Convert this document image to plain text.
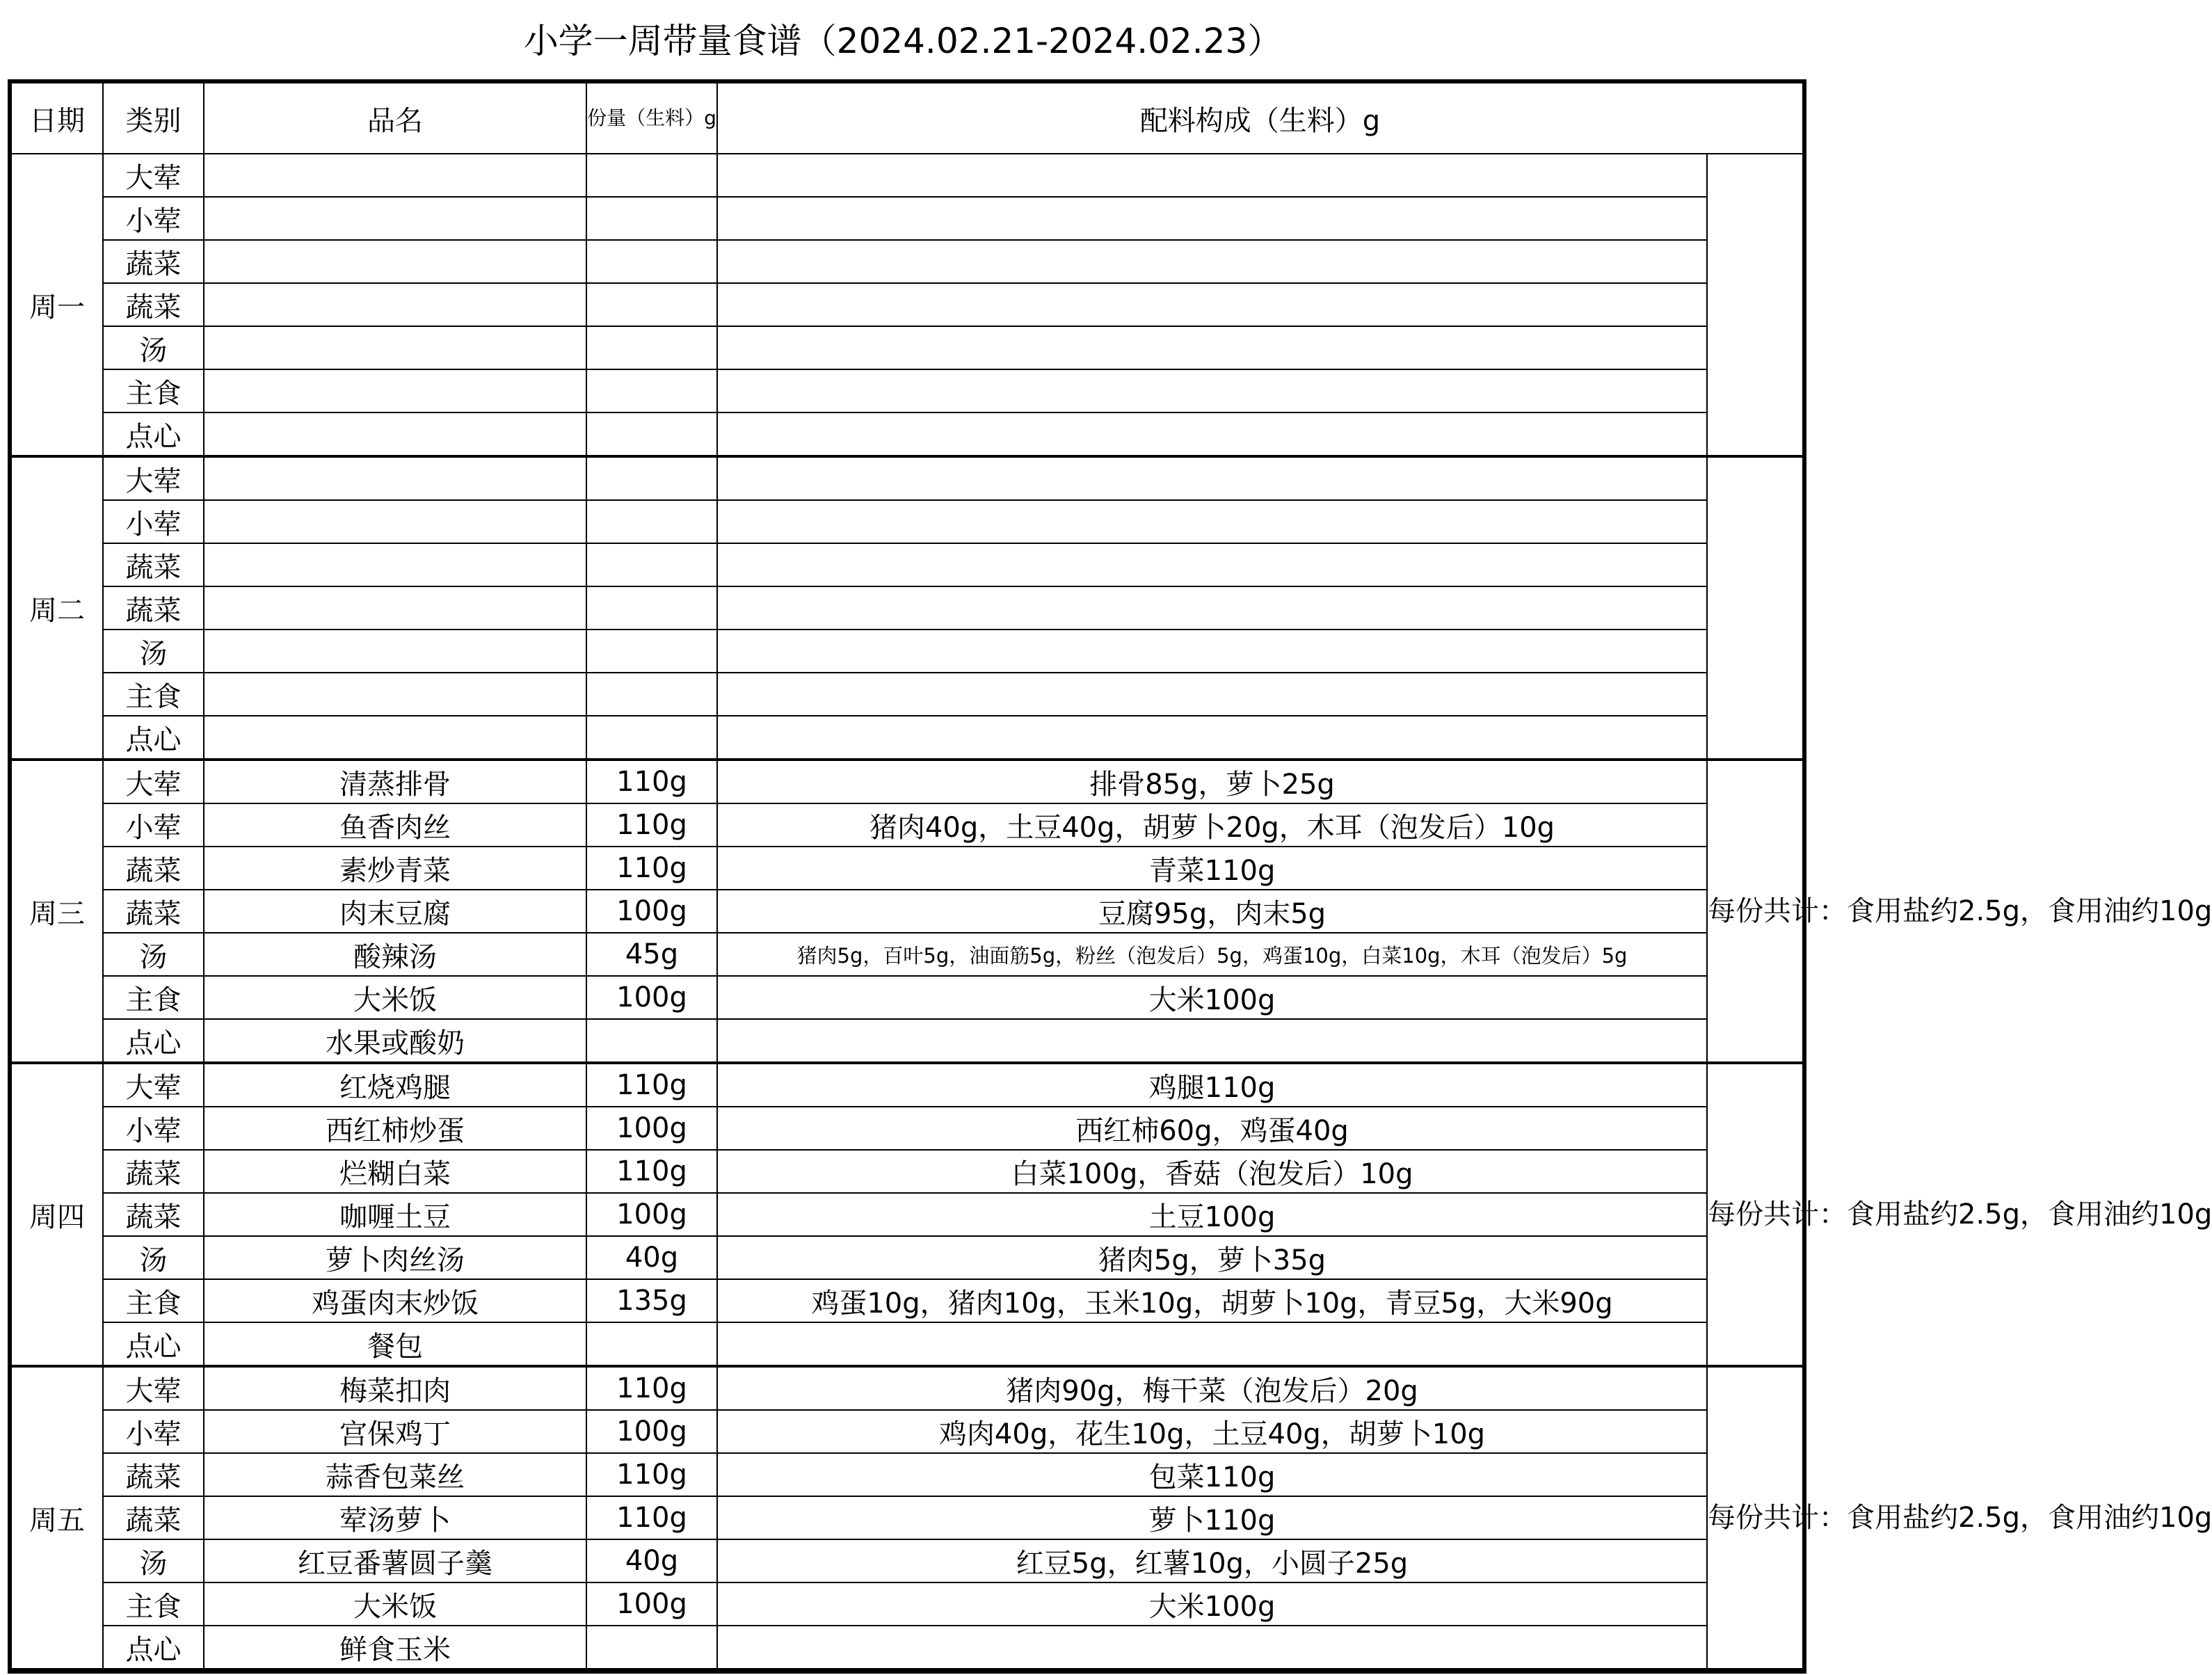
小学一周带量食谱（2024.02.21-2024.02.23）
日期	类别	品名	份量（生料）g	配料构成（生料）g	
周一	大荤				
	小荤				
	蔬菜				
	蔬菜				
	汤				
	主食				
	点心				
周二	大荤				
	小荤				
	蔬菜				
	蔬菜				
	汤				
	主食				
	点心				
周三	大荤	清蒸排骨	110g	排骨85g，萝卜25g	每份共计：食用盐约2.5g，食用油约10g
	小荤	鱼香肉丝	110g	猪肉40g，土豆40g，胡萝卜20g，木耳（泡发后）10g	
	蔬菜	素炒青菜	110g	青菜110g	
	蔬菜	肉末豆腐	100g	豆腐95g，肉末5g	
	汤	酸辣汤	45g	猪肉5g，百叶5g，油面筋5g，粉丝（泡发后）5g，鸡蛋10g，白菜10g，木耳（泡发后）5g	
	主食	大米饭	100g	大米100g	
	点心	水果或酸奶			
周四	大荤	红烧鸡腿	110g	鸡腿110g	每份共计：食用盐约2.5g，食用油约10g
	小荤	西红柿炒蛋	100g	西红柿60g，鸡蛋40g	
	蔬菜	烂糊白菜	110g	白菜100g，香菇（泡发后）10g	
	蔬菜	咖喱土豆	100g	土豆100g	
	汤	萝卜肉丝汤	40g	猪肉5g，萝卜35g	
	主食	鸡蛋肉末炒饭	135g	鸡蛋10g，猪肉10g，玉米10g，胡萝卜10g，青豆5g，大米90g	
	点心	餐包			
周五	大荤	梅菜扣肉	110g	猪肉90g，梅干菜（泡发后）20g	每份共计：食用盐约2.5g，食用油约10g
	小荤	宫保鸡丁	100g	鸡肉40g，花生10g，土豆40g，胡萝卜10g	
	蔬菜	蒜香包菜丝	110g	包菜110g	
	蔬菜	荤汤萝卜	110g	萝卜110g	
	汤	红豆番薯圆子羹	40g	红豆5g，红薯10g，小圆子25g	
	主食	大米饭	100g	大米100g	
	点心	鲜食玉米			
